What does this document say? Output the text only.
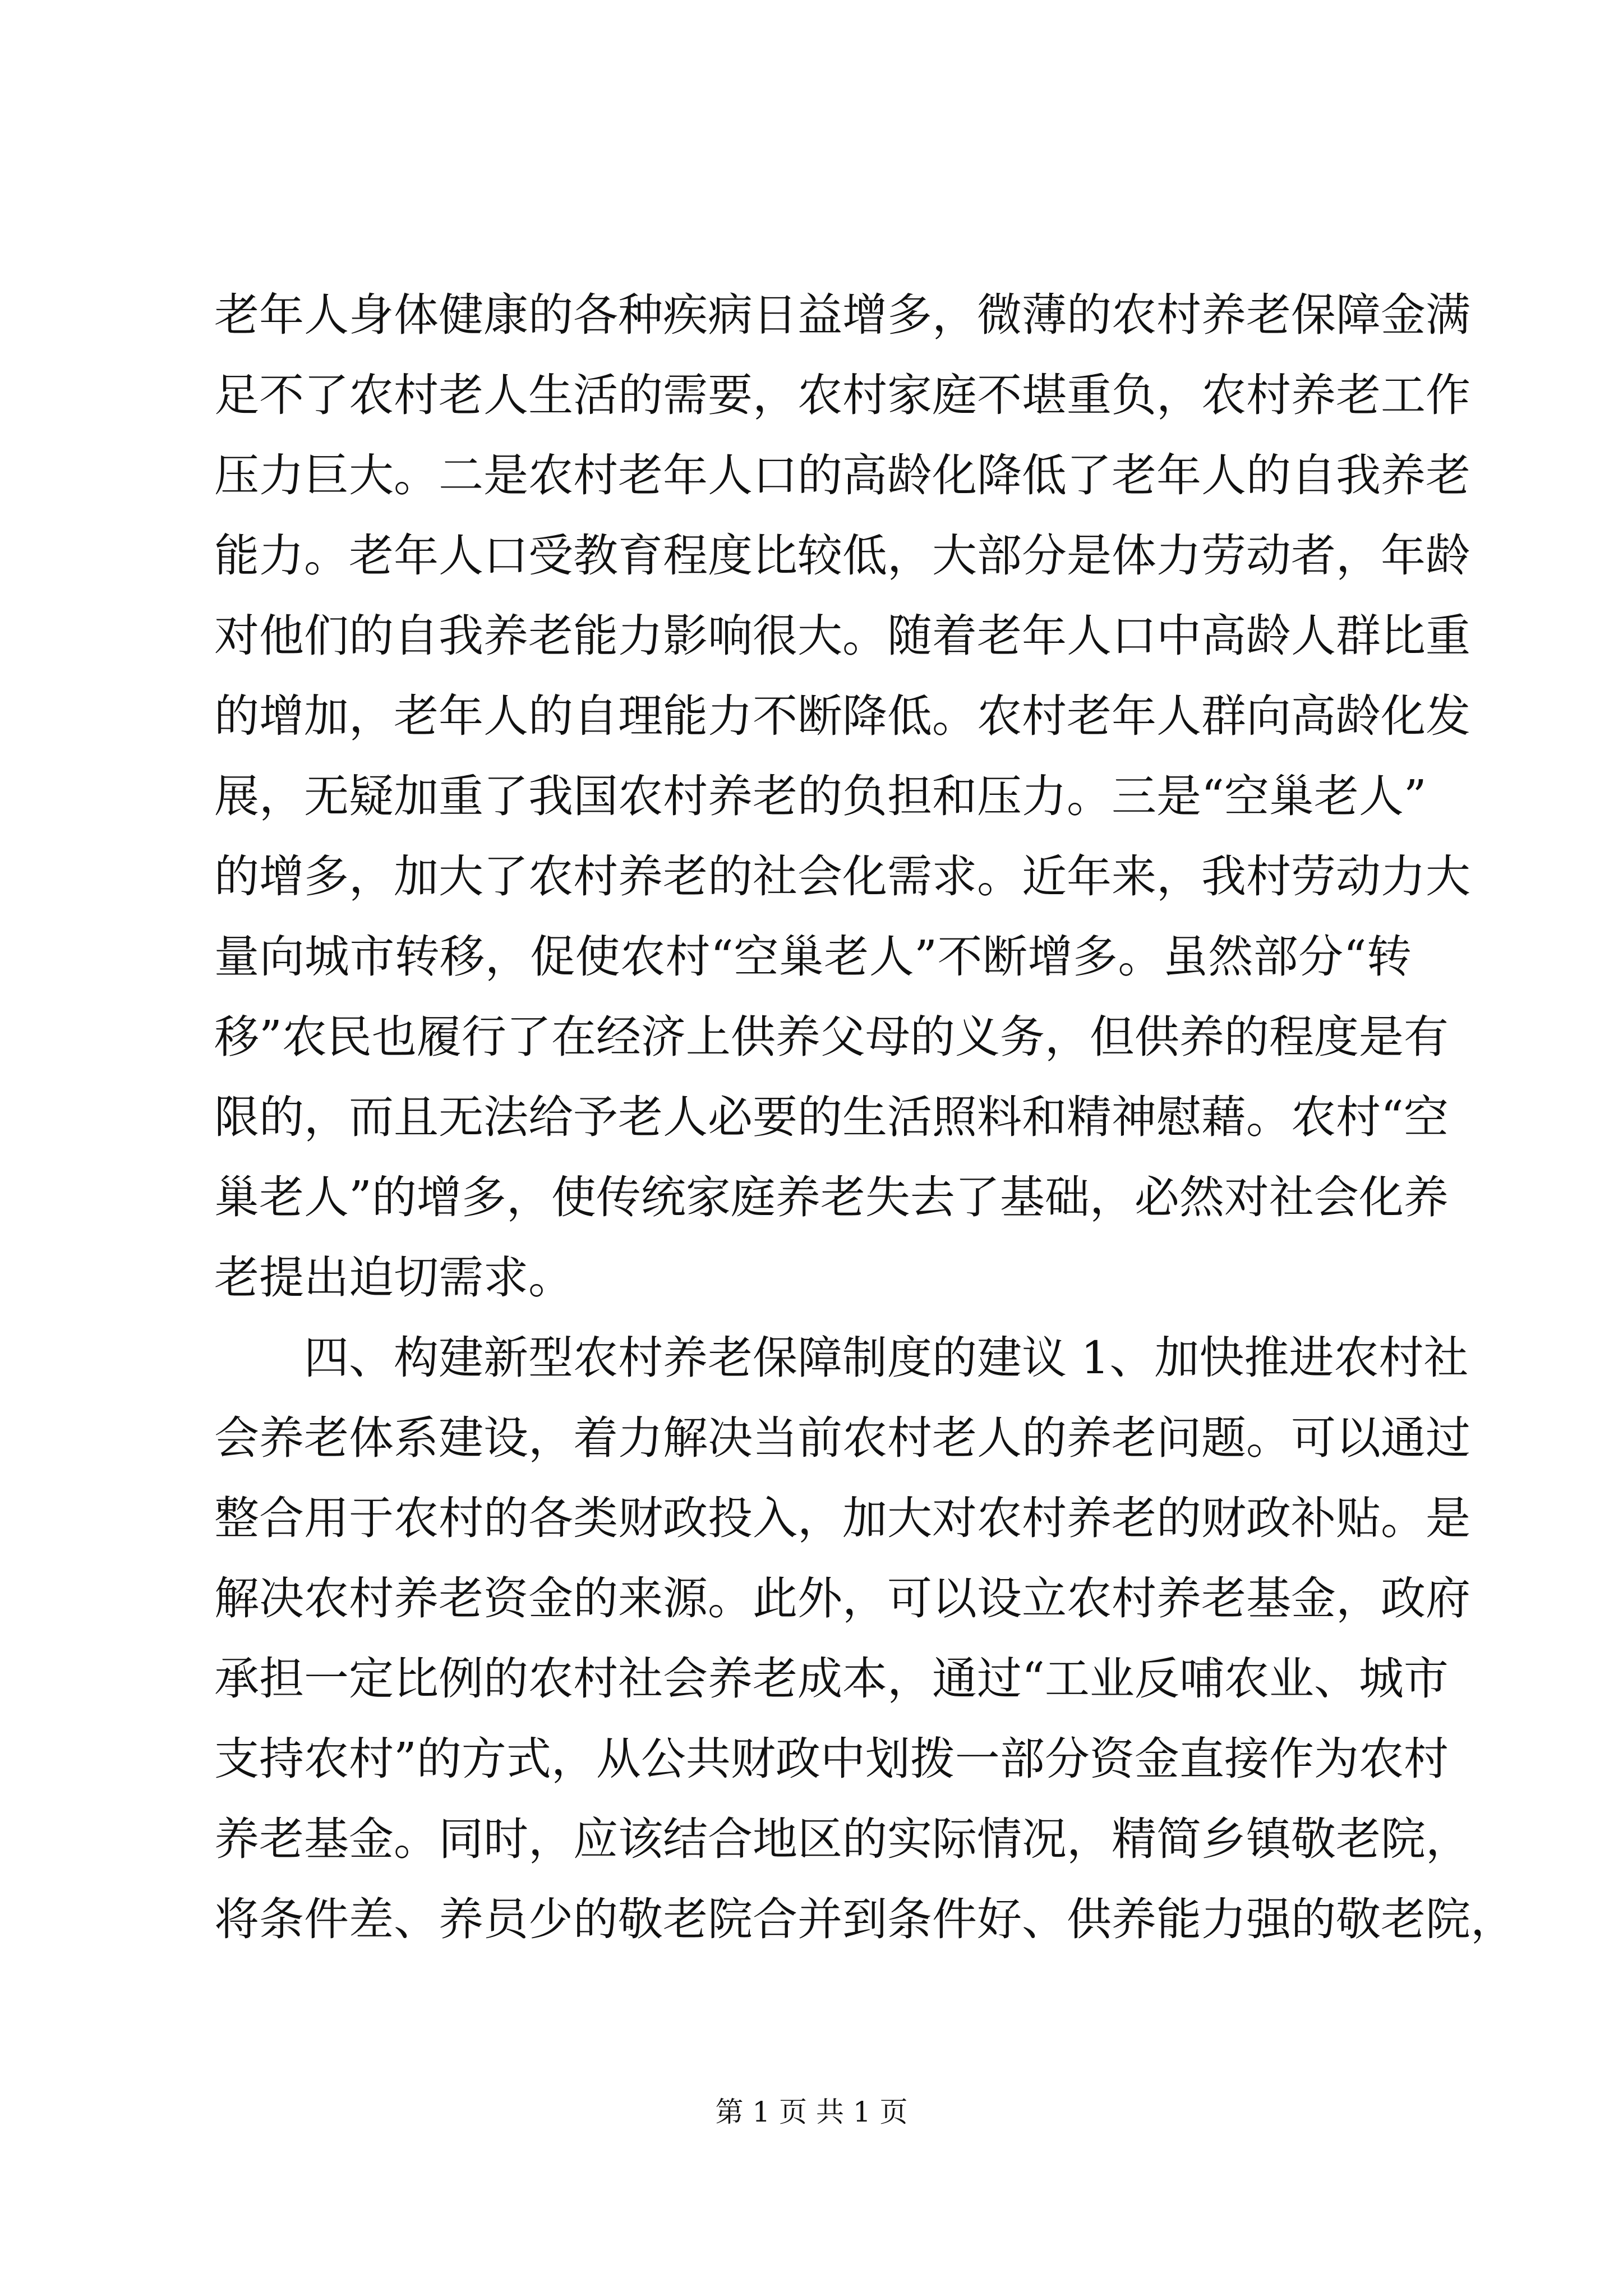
老年人身体健康的各种疾病日益增多，微薄的农村养老保障金满
足不了农村老人生活的需要，农村家庭不堪重负，农村养老工作
压力巨大。二是农村老年人口的高龄化降低了老年人的自我养老
能力。老年人口受教育程度比较低，大部分是体力劳动者，年龄
对他们的自我养老能力影响很大。随着老年人口中高龄人群比重
的增加，老年人的自理能力不断降低。农村老年人群向高龄化发
展，无疑加重了我国农村养老的负担和压力。三是“空巢老人”
的增多，加大了农村养老的社会化需求。近年来，我村劳动力大
量向城市转移，促使农村“空巢老人”不断增多。虽然部分“转
移”农民也履行了在经济上供养父母的义务，但供养的程度是有
限的，而且无法给予老人必要的生活照料和精神慰藉。农村“空
巢老人”的增多，使传统家庭养老失去了基础，必然对社会化养
老提出迫切需求。
　　四、构建新型农村养老保障制度的建议 1、加快推进农村社
会养老体系建设，着力解决当前农村老人的养老问题。可以通过
整合用于农村的各类财政投入，加大对农村养老的财政补贴。是
解决农村养老资金的来源。此外，可以设立农村养老基金，政府
承担一定比例的农村社会养老成本，通过“工业反哺农业、城市
支持农村”的方式，从公共财政中划拨一部分资金直接作为农村
养老基金。同时，应该结合地区的实际情况，精简乡镇敬老院，
将条件差、养员少的敬老院合并到条件好、供养能力强的敬老院，
第 1 页 共 1 页
